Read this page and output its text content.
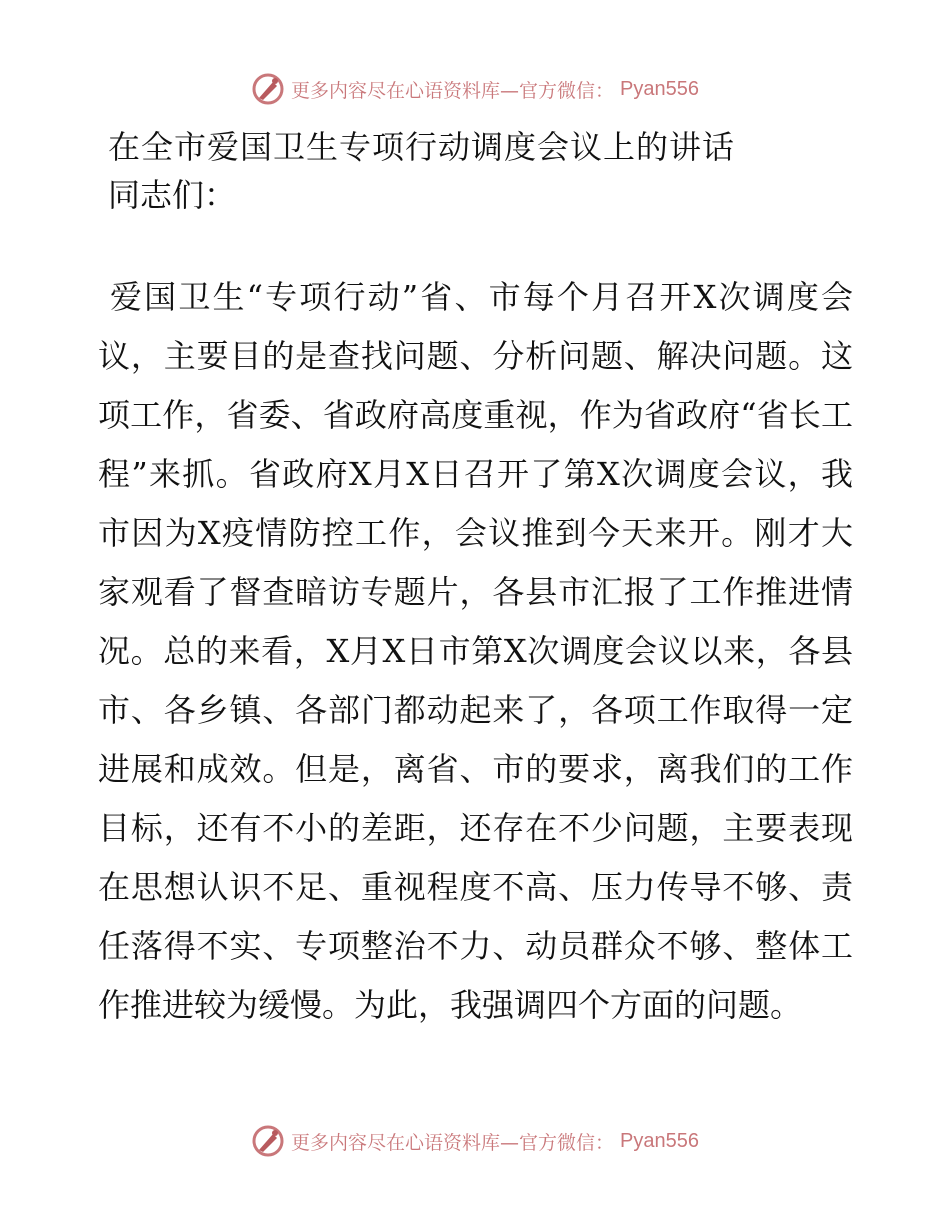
更多内容尽在心语资料库—官方微信： Pyan556
在全市爱国卫生专项行动调度会议上的讲话

同志们：

爱国卫生“专项行动”省、市每个月召开X次调度会议，主要目的是查找问题、分析问题、解决问题。这项工作，省委、省政府高度重视，作为省政府“省长工程”来抓。省政府X月X日召开了第X次调度会议，我市因为X疫情防控工作，会议推到今天来开。刚才大家观看了督查暗访专题片，各县市汇报了工作推进情况。总的来看，X月X日市第X次调度会议以来，各县市、各乡镇、各部门都动起来了，各项工作取得一定进展和成效。但是，离省、市的要求，离我们的工作目标，还有不小的差距，还存在不少问题，主要表现在思想认识不足、重视程度不高、压力传导不够、责任落得不实、专项整治不力、动员群众不够、整体工作推进较为缓慢。为此，我强调四个方面的问题。

更多内容尽在心语资料库—官方微信： Pyan556
